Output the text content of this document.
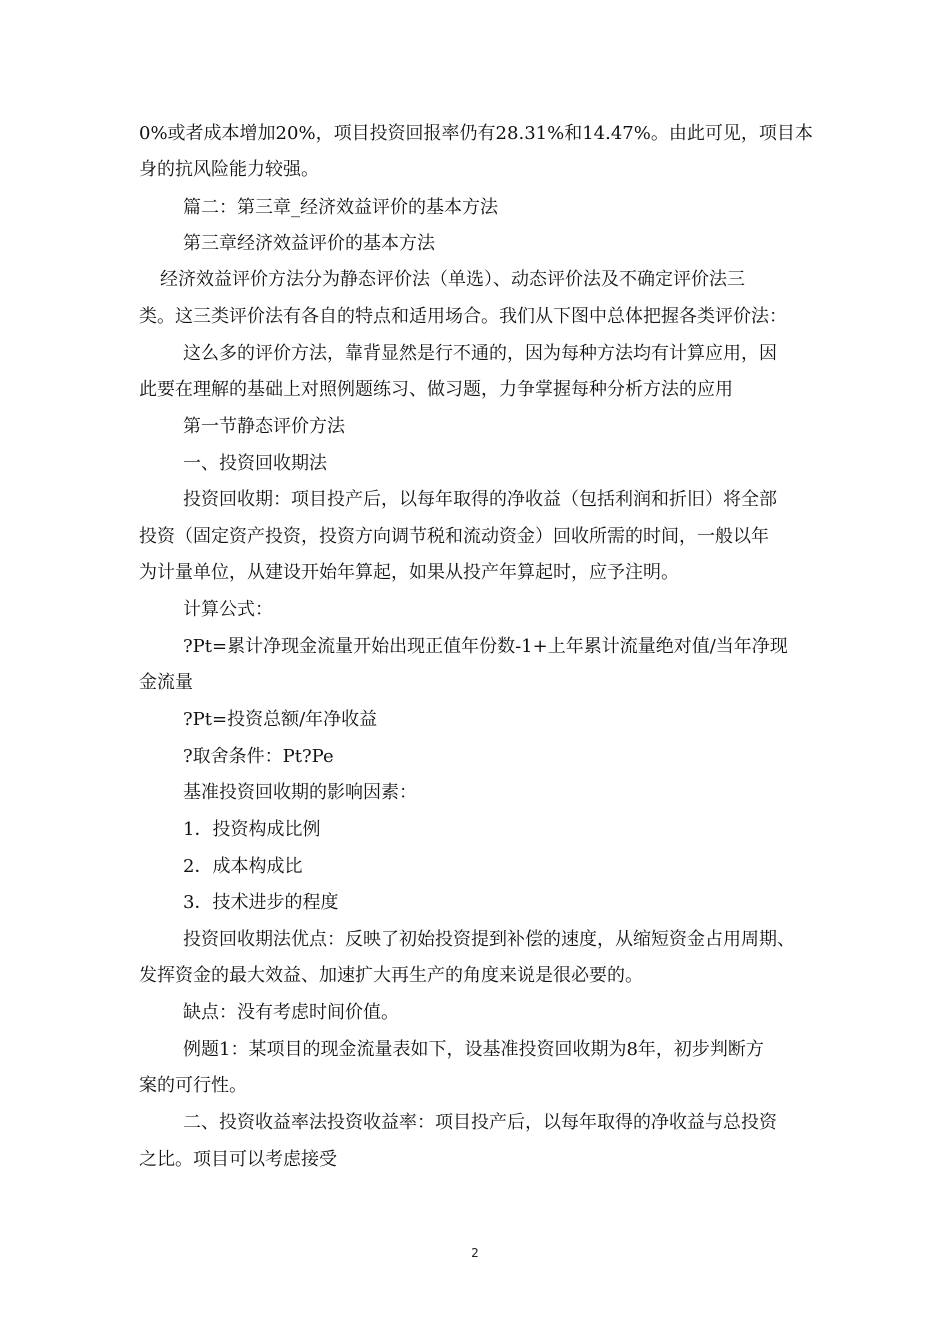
0%或者成本增加20%，项目投资回报率仍有28.31%和14.47%。由此可见，项目本
身的抗风险能力较强。
篇二：第三章_经济效益评价的基本方法
第三章经济效益评价的基本方法
经济效益评价方法分为静态评价法（单选）、动态评价法及不确定评价法三
类。这三类评价法有各自的特点和适用场合。我们从下图中总体把握各类评价法：
这么多的评价方法，靠背显然是行不通的，因为每种方法均有计算应用，因
此要在理解的基础上对照例题练习、做习题，力争掌握每种分析方法的应用
第一节静态评价方法
一、投资回收期法
投资回收期：项目投产后，以每年取得的净收益（包括利润和折旧）将全部
投资（固定资产投资，投资方向调节税和流动资金）回收所需的时间，一般以年
为计量单位，从建设开始年算起，如果从投产年算起时，应予注明。
计算公式：
?Pt=累计净现金流量开始出现正值年份数-1+上年累计流量绝对值/当年净现
金流量
?Pt=投资总额/年净收益
?取舍条件：Pt?Pe
基准投资回收期的影响因素：
1．投资构成比例
2．成本构成比
3．技术进步的程度
投资回收期法优点：反映了初始投资提到补偿的速度，从缩短资金占用周期、
发挥资金的最大效益、加速扩大再生产的角度来说是很必要的。
缺点：没有考虑时间价值。
例题1：某项目的现金流量表如下，设基准投资回收期为8年，初步判断方
案的可行性。
二、投资收益率法投资收益率：项目投产后，以每年取得的净收益与总投资
之比。项目可以考虑接受
2
